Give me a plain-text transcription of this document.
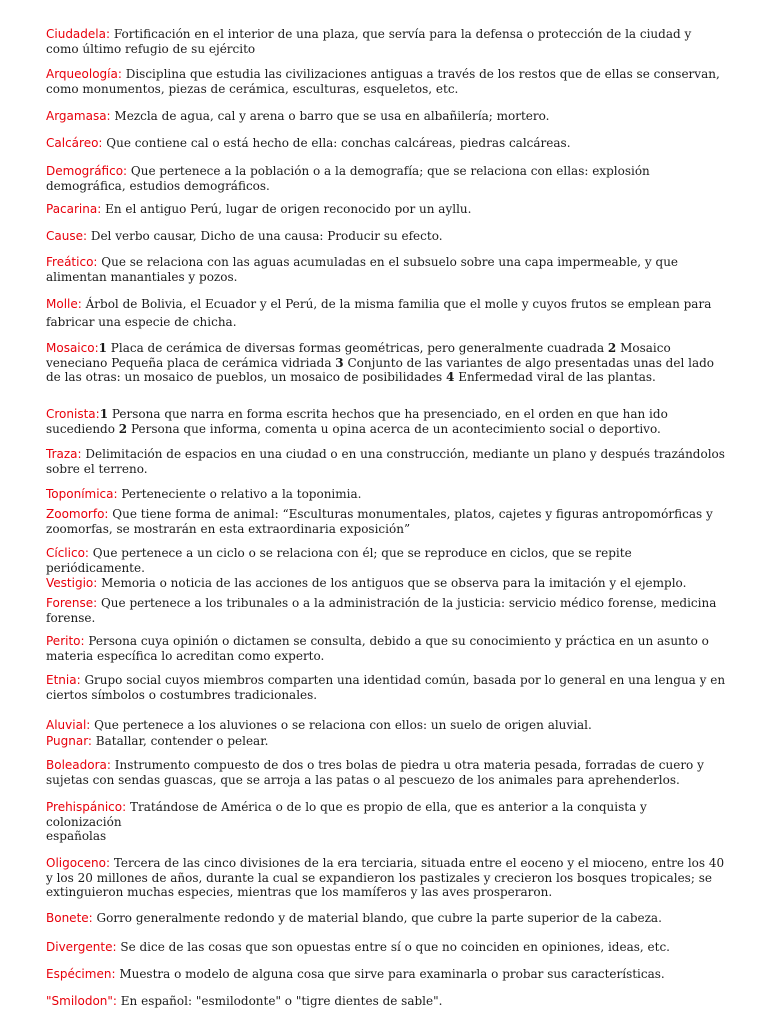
Ciudadela: Fortificación en el interior de una plaza, que servía para la defensa o protección de la ciudad y como último refugio de su ejército

Arqueología: Disciplina que estudia las civilizaciones antiguas a través de los restos que de ellas se conservan, como monumentos, piezas de cerámica, esculturas, esqueletos, etc.

Argamasa: Mezcla de agua, cal y arena o barro que se usa en albañilería; mortero.

Calcáreo: Que contiene cal o está hecho de ella: conchas calcáreas, piedras calcáreas.

Demográfico: Que pertenece a la población o a la demografía; que se relaciona con ellas: explosión demográfica, estudios demográficos.

Pacarina: En el antiguo Perú, lugar de origen reconocido por un ayllu.

Cause: Del verbo causar, Dicho de una causa: Producir su efecto.

Freático: Que se relaciona con las aguas acumuladas en el subsuelo sobre una capa impermeable, y que alimentan manantiales y pozos.

Molle: Árbol de Bolivia, el Ecuador y el Perú, de la misma familia que el molle y cuyos frutos se emplean para fabricar una especie de chicha.

Mosaico:1 Placa de cerámica de diversas formas geométricas, pero generalmente cuadrada 2 Mosaico veneciano Pequeña placa de cerámica vidriada 3 Conjunto de las variantes de algo presentadas unas del lado de las otras: un mosaico de pueblos, un mosaico de posibilidades 4 Enfermedad viral de las plantas.

Cronista:1 Persona que narra en forma escrita hechos que ha presenciado, en el orden en que han ido sucediendo 2 Persona que informa, comenta u opina acerca de un acontecimiento social o deportivo.

Traza: Delimitación de espacios en una ciudad o en una construcción, mediante un plano y después trazándolos sobre el terreno.

Toponímica: Perteneciente o relativo a la toponimia.

Zoomorfo: Que tiene forma de animal: “Esculturas monumentales, platos, cajetes y figuras antropomórficas y zoomorfas, se mostrarán en esta extraordinaria exposición”

Cíclico: Que pertenece a un ciclo o se relaciona con él; que se reproduce en ciclos, que se repite periódicamente.

Vestigio: Memoria o noticia de las acciones de los antiguos que se observa para la imitación y el ejemplo.

Forense: Que pertenece a los tribunales o a la administración de la justicia: servicio médico forense, medicina forense.

Perito: Persona cuya opinión o dictamen se consulta, debido a que su conocimiento y práctica en un asunto o materia específica lo acreditan como experto.

Etnia: Grupo social cuyos miembros comparten una identidad común, basada por lo general en una lengua y en ciertos símbolos o costumbres tradicionales.

Aluvial: Que pertenece a los aluviones o se relaciona con ellos: un suelo de origen aluvial.

Pugnar: Batallar, contender o pelear.

Boleadora: Instrumento compuesto de dos o tres bolas de piedra u otra materia pesada, forradas de cuero y sujetas con sendas guascas, que se arroja a las patas o al pescuezo de los animales para aprehenderlos.

Prehispánico: Tratándose de América o de lo que es propio de ella, que es anterior a la conquista y colonización

españolas

Oligoceno: Tercera de las cinco divisiones de la era terciaria, situada entre el eoceno y el mioceno, entre los 40 y los 20 millones de años, durante la cual se expandieron los pastizales y crecieron los bosques tropicales; se extinguieron muchas especies, mientras que los mamíferos y las aves prosperaron.

Bonete: Gorro generalmente redondo y de material blando, que cubre la parte superior de la cabeza.

Divergente: Se dice de las cosas que son opuestas entre sí o que no coinciden en opiniones, ideas, etc.

Espécimen: Muestra o modelo de alguna cosa que sirve para examinarla o probar sus características.

"Smilodon": En español: "esmilodonte" o "tigre dientes de sable".
